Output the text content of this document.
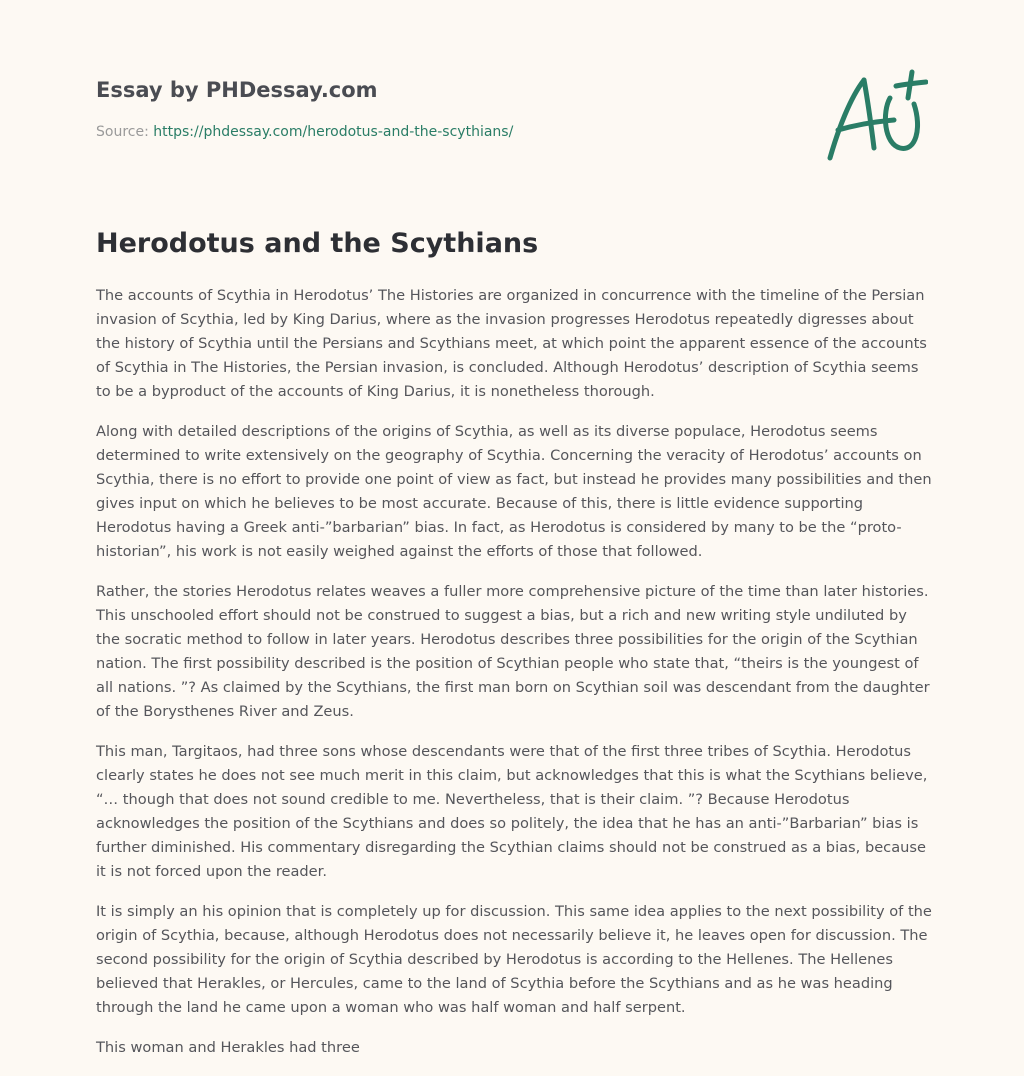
Essay by PHDessay.com
Source: https://phdessay.com/herodotus-and-the-scythians/
Herodotus and the Scythians

The accounts of Scythia in Herodotus’ The Histories are organized in concurrence with the timeline of the Persian invasion of Scythia, led by King Darius, where as the invasion progresses Herodotus repeatedly digresses about the history of Scythia until the Persians and Scythians meet, at which point the apparent essence of the accounts of Scythia in The Histories, the Persian invasion, is concluded. Although Herodotus’ description of Scythia seems to be a byproduct of the accounts of King Darius, it is nonetheless thorough.

Along with detailed descriptions of the origins of Scythia, as well as its diverse populace, Herodotus seems determined to write extensively on the geography of Scythia. Concerning the veracity of Herodotus’ accounts on Scythia, there is no effort to provide one point of view as fact, but instead he provides many possibilities and then gives input on which he believes to be most accurate. Because of this, there is little evidence supporting Herodotus having a Greek anti-”barbarian” bias. In fact, as Herodotus is considered by many to be the “proto-historian”, his work is not easily weighed against the efforts of those that followed.

Rather, the stories Herodotus relates weaves a fuller more comprehensive picture of the time than later histories. This unschooled effort should not be construed to suggest a bias, but a rich and new writing style undiluted by the socratic method to follow in later years. Herodotus describes three possibilities for the origin of the Scythian nation. The first possibility described is the position of Scythian people who state that, “theirs is the youngest of all nations. ”? As claimed by the Scythians, the first man born on Scythian soil was descendant from the daughter of the Borysthenes River and Zeus.

This man, Targitaos, had three sons whose descendants were that of the first three tribes of Scythia. Herodotus clearly states he does not see much merit in this claim, but acknowledges that this is what the Scythians believe, “… though that does not sound credible to me. Nevertheless, that is their claim. ”? Because Herodotus acknowledges the position of the Scythians and does so politely, the idea that he has an anti-”Barbarian” bias is further diminished. His commentary disregarding the Scythian claims should not be construed as a bias, because it is not forced upon the reader.

It is simply an his opinion that is completely up for discussion. This same idea applies to the next possibility of the origin of Scythia, because, although Herodotus does not necessarily believe it, he leaves open for discussion. The second possibility for the origin of Scythia described by Herodotus is according to the Hellenes. The Hellenes believed that Herakles, or Hercules, came to the land of Scythia before the Scythians and as he was heading through the land he came upon a woman who was half woman and half serpent.

This woman and Herakles had three
